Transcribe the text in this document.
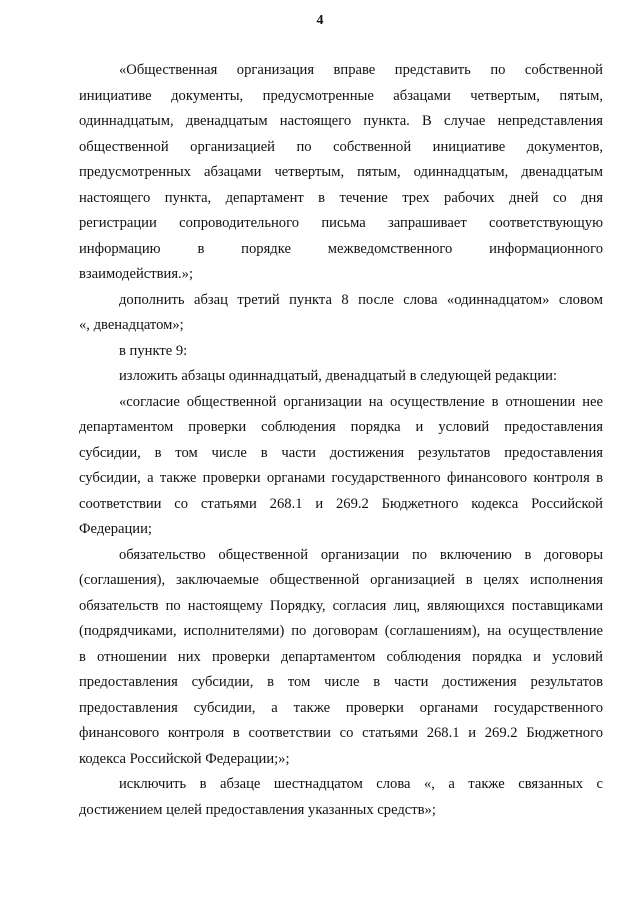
4
«Общественная организация вправе представить по собственной
инициативе документы, предусмотренные абзацами четвертым, пятым,
одиннадцатым, двенадцатым настоящего пункта. В случае непредставления
общественной организацией по собственной инициативе документов,
предусмотренных абзацами четвертым, пятым, одиннадцатым, двенадцатым
настоящего пункта, департамент в течение трех рабочих дней со дня
регистрации сопроводительного письма запрашивает соответствующую
информацию в порядке межведомственного информационного
взаимодействия.»;
дополнить абзац третий пункта 8 после слова «одиннадцатом» словом
«, двенадцатом»;
в пункте 9:
изложить абзацы одиннадцатый, двенадцатый в следующей редакции:
«согласие общественной организации на осуществление в отношении нее
департаментом проверки соблюдения порядка и условий предоставления
субсидии, в том числе в части достижения результатов предоставления
субсидии, а также проверки органами государственного финансового контроля в
соответствии со статьями 268.1 и 269.2 Бюджетного кодекса Российской
Федерации;
обязательство общественной организации по включению в договоры
(соглашения), заключаемые общественной организацией в целях исполнения
обязательств по настоящему Порядку, согласия лиц, являющихся поставщиками
(подрядчиками, исполнителями) по договорам (соглашениям), на осуществление
в отношении них проверки департаментом соблюдения порядка и условий
предоставления субсидии, в том числе в части достижения результатов
предоставления субсидии, а также проверки органами государственного
финансового контроля в соответствии со статьями 268.1 и 269.2 Бюджетного
кодекса Российской Федерации;»;
исключить в абзаце шестнадцатом слова «, а также связанных с
достижением целей предоставления указанных средств»;
